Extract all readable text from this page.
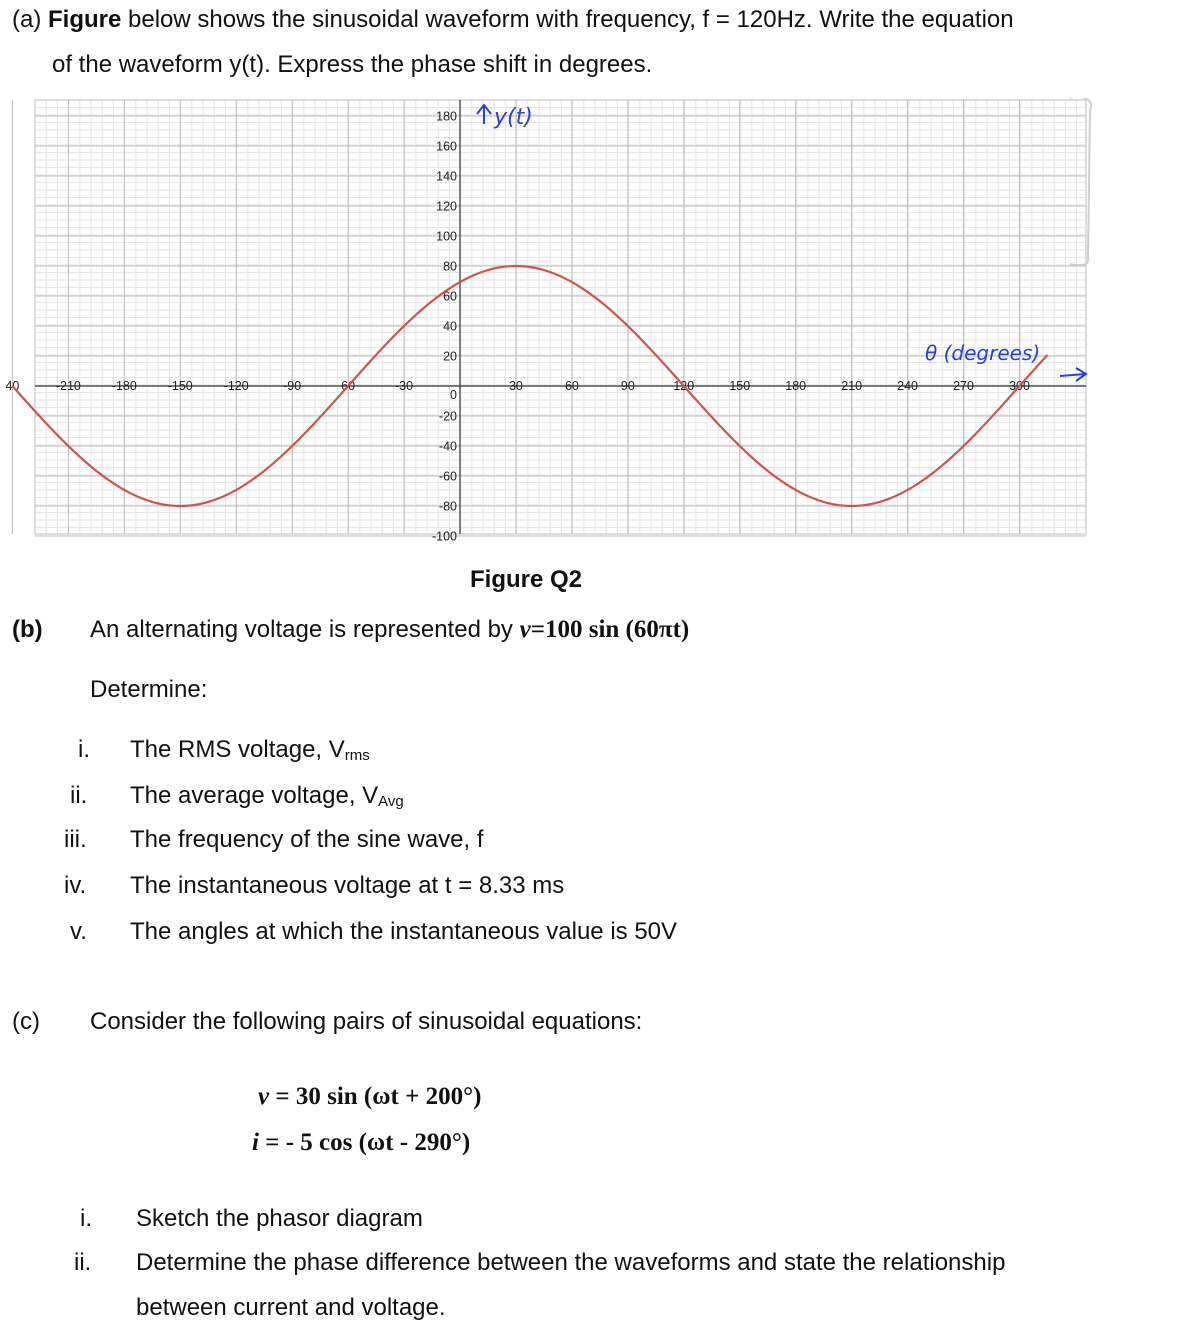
(a) Figure below shows the sinusoidal waveform with frequency, f = 120Hz. Write the equation
of the waveform y(t). Express the phase shift in degrees.
180
160
140
120
100
80
60
40
20
-20
-40
-60
-80
-100
0
40	-210 -180 -150 -120	-90	60	-30	30	60	90	120	150	180	210	240	270	300
y(t)
θ (degrees)
Figure Q2
(b) An alternating voltage is represented by v=100 sin (60πt)
Determine:
i. The RMS voltage, $V_{rms}$
ii. The average voltage, $V_{Avg}$
iii. The frequency of the sine wave, f
iv. The instantaneous voltage at t = 8.33 ms
v. The angles at which the instantaneous value is 50V
(c) Consider the following pairs of sinusoidal equations:
v = 30 sin (ωt + 200°)
i = - 5 cos (ωt - 290°)
i. Sketch the phasor diagram
ii. Determine the phase difference between the waveforms and state the relationship
between current and voltage.
